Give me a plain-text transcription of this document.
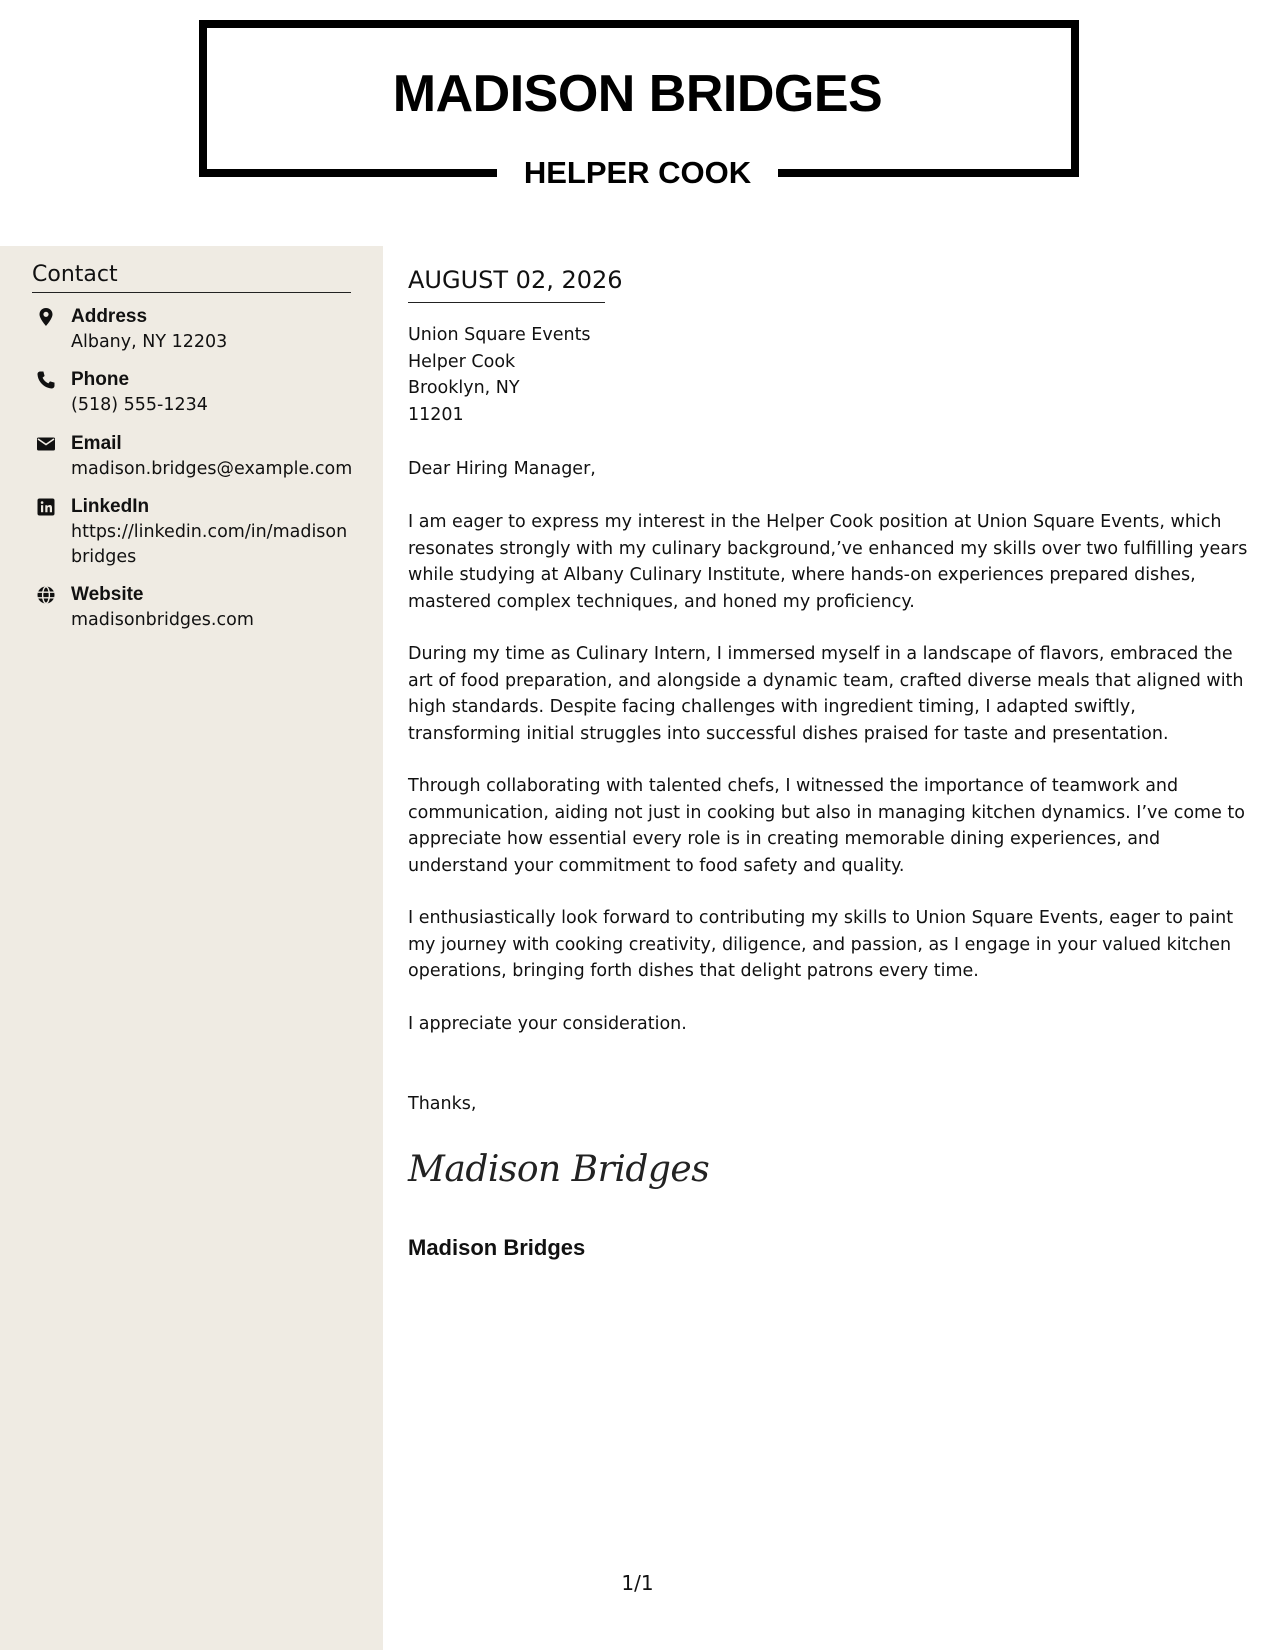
MADISON BRIDGES
HELPER COOK
Contact
Address
Albany, NY 12203
Phone
(518) 555-1234
Email
madison.bridges@example.com
LinkedIn
https://linkedin.com/in/madison bridges
Website
madisonbridges.com
AUGUST 02, 2026
Union Square Events
Helper Cook
Brooklyn, NY
11201
Dear Hiring Manager,
I am eager to express my interest in the Helper Cook position at Union Square Events, which resonates strongly with my culinary background,’ve enhanced my skills over two fulfilling years while studying at Albany Culinary Institute, where hands-on experiences prepared dishes, mastered complex techniques, and honed my proficiency.
During my time as Culinary Intern, I immersed myself in a landscape of flavors, embraced the art of food preparation, and alongside a dynamic team, crafted diverse meals that aligned with high standards. Despite facing challenges with ingredient timing, I adapted swiftly, transforming initial struggles into successful dishes praised for taste and presentation.
Through collaborating with talented chefs, I witnessed the importance of teamwork and communication, aiding not just in cooking but also in managing kitchen dynamics. I’ve come to appreciate how essential every role is in creating memorable dining experiences, and understand your commitment to food safety and quality.
I enthusiastically look forward to contributing my skills to Union Square Events, eager to paint my journey with cooking creativity, diligence, and passion, as I engage in your valued kitchen operations, bringing forth dishes that delight patrons every time.
I appreciate your consideration.
Thanks,
Madison Bridges
Madison Bridges
1/1
